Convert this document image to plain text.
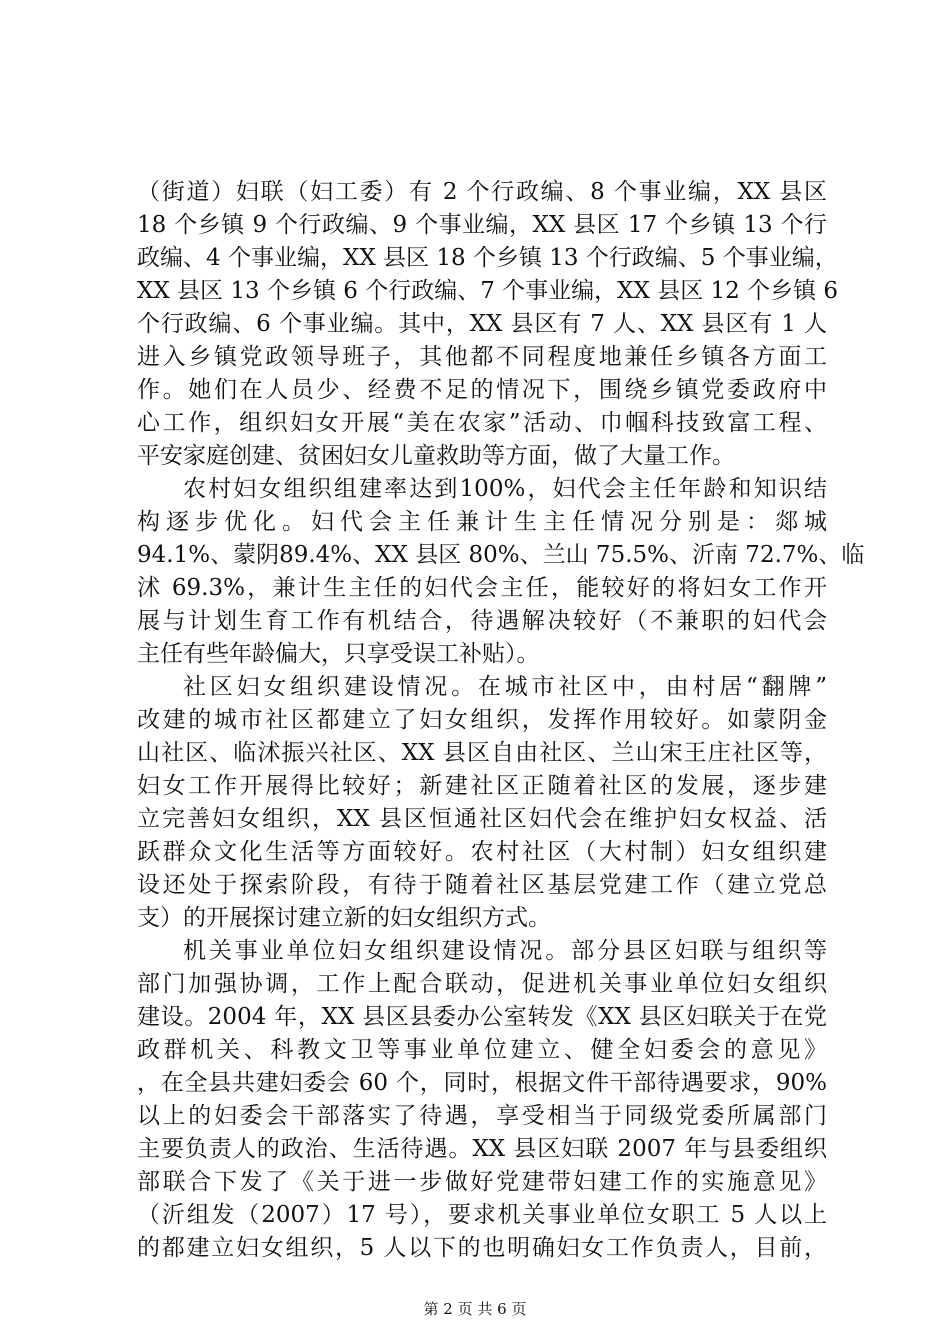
（街道）妇联（妇工委）有 2 个行政编、8 个事业编，XX 县区
18 个乡镇 9 个行政编、9 个事业编，XX 县区 17 个乡镇 13 个行
政编、4 个事业编，XX 县区 18 个乡镇 13 个行政编、5 个事业编，
XX 县区 13 个乡镇 6 个行政编、7 个事业编，XX 县区 12 个乡镇 6
个行政编、6 个事业编。其中，XX 县区有 7 人、XX 县区有 1 人
进入乡镇党政领导班子，其他都不同程度地兼任乡镇各方面工
作。她们在人员少、经费不足的情况下，围绕乡镇党委政府中
心工作，组织妇女开展“美在农家”活动、巾帼科技致富工程、
平安家庭创建、贫困妇女儿童救助等方面，做了大量工作。
农村妇女组织组建率达到100%，妇代会主任年龄和知识结
构逐步优化。妇代会主任兼计生主任情况分别是：郯城
94.1%、蒙阴89.4%、XX 县区 80%、兰山 75.5%、沂南 72.7%、临
沭 69.3%，兼计生主任的妇代会主任，能较好的将妇女工作开
展与计划生育工作有机结合，待遇解决较好（不兼职的妇代会
主任有些年龄偏大，只享受误工补贴）。
社区妇女组织建设情况。在城市社区中，由村居“翻牌”
改建的城市社区都建立了妇女组织，发挥作用较好。如蒙阴金
山社区、临沭振兴社区、XX 县区自由社区、兰山宋王庄社区等，
妇女工作开展得比较好；新建社区正随着社区的发展，逐步建
立完善妇女组织，XX 县区恒通社区妇代会在维护妇女权益、活
跃群众文化生活等方面较好。农村社区（大村制）妇女组织建
设还处于探索阶段，有待于随着社区基层党建工作（建立党总
支）的开展探讨建立新的妇女组织方式。
机关事业单位妇女组织建设情况。部分县区妇联与组织等
部门加强协调，工作上配合联动，促进机关事业单位妇女组织
建设。2004 年，XX 县区县委办公室转发《XX 县区妇联关于在党
政群机关、科教文卫等事业单位建立、健全妇委会的意见》
，在全县共建妇委会 60 个，同时，根据文件干部待遇要求，90%
以上的妇委会干部落实了待遇，享受相当于同级党委所属部门
主要负责人的政治、生活待遇。XX 县区妇联 2007 年与县委组织
部联合下发了《关于进一步做好党建带妇建工作的实施意见》
（沂组发（2007）17 号），要求机关事业单位女职工 5 人以上
的都建立妇女组织，5 人以下的也明确妇女工作负责人，目前，
第 2 页 共 6 页
